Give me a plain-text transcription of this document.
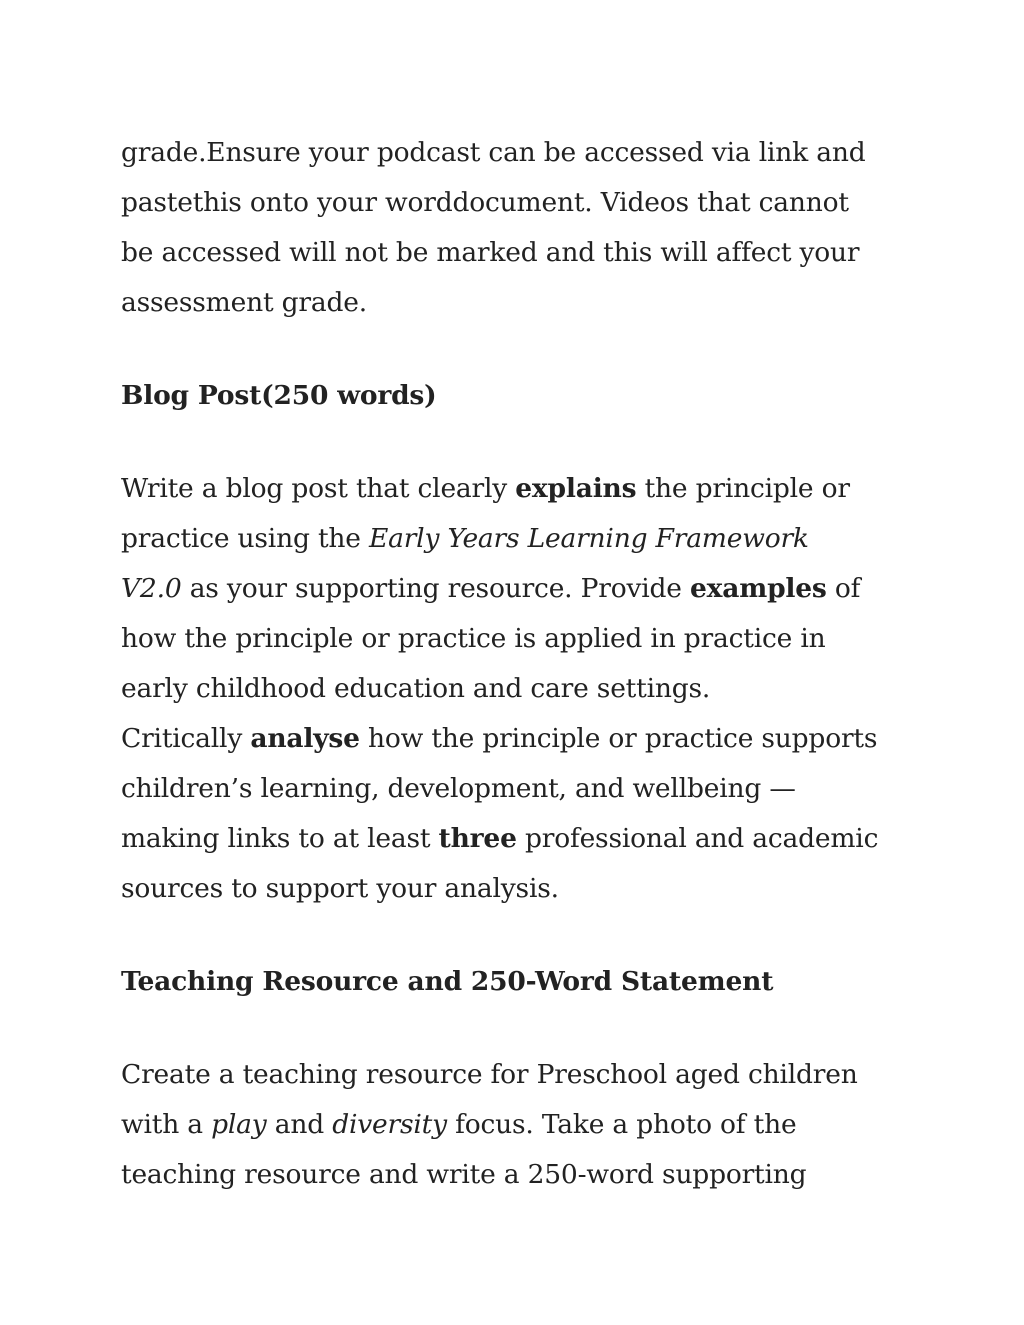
grade.Ensure your podcast can be accessed via link and
pastethis onto your worddocument. Videos that cannot
be accessed will not be marked and this will affect your
assessment grade.
Blog Post(250 words)
Write a blog post that clearly explains the principle or
practice using the Early Years Learning Framework
V2.0 as your supporting resource. Provide examples of
how the principle or practice is applied in practice in
early childhood education and care settings.
Critically analyse how the principle or practice supports
children’s learning, development, and wellbeing —
making links to at least three professional and academic
sources to support your analysis.
Teaching Resource and 250-Word Statement
Create a teaching resource for Preschool aged children
with a play and diversity focus. Take a photo of the
teaching resource and write a 250-word supporting
